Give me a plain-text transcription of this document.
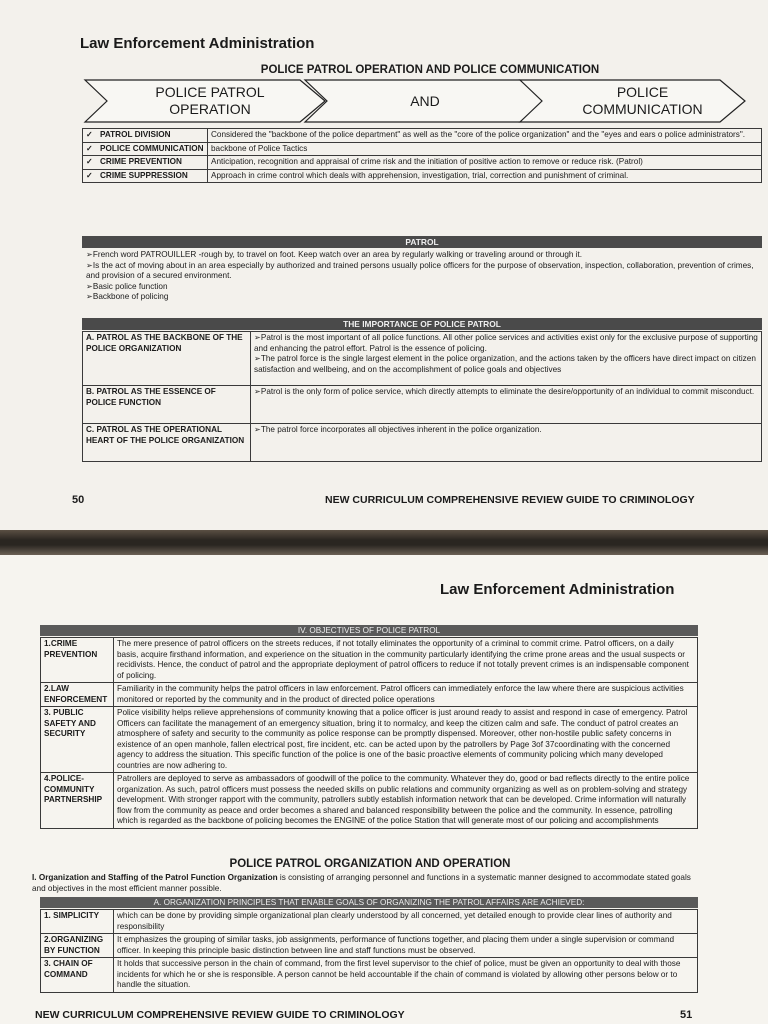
Law Enforcement Administration
POLICE PATROL OPERATION AND POLICE COMMUNICATION
POLICE PATROL OPERATION
AND
POLICE COMMUNICATION
✓ PATROL DIVISION	Considered the "backbone of the police department" as well as the "core of the police organization" and the "eyes and ears o police administrators".
✓ POLICE COMMUNICATION	backbone of Police Tactics
✓ CRIME PREVENTION	Anticipation, recognition and appraisal of crime risk and the initiation of positive action to remove or reduce risk. (Patrol)
✓ CRIME SUPPRESSION	Approach in crime control which deals with apprehension, investigation, trial, correction and punishment of criminal.
PATROL

➢French word PATROUILLER -rough by, to travel on foot. Keep watch over an area by regularly walking or traveling around or through it.

➢Is the act of moving about in an area especially by authorized and trained persons usually police officers for the purpose of observation, inspection, collaboration, prevention of crimes, and provision of a secured environment.

➢Basic police function

➢Backbone of policing

THE IMPORTANCE OF POLICE PATROL
A. PATROL AS THE BACKBONE OF THE POLICE ORGANIZATION	➢Patrol is the most important of all police functions. All other police services and activities exist only for the exclusive purpose of supporting and enhancing the patrol effort. Patrol is the essence of policing.
➢The patrol force is the single largest element in the police organization, and the actions taken by the officers have direct impact on citizen satisfaction and wellbeing, and on the accomplishment of police goals and objectives
B. PATROL AS THE ESSENCE OF POLICE FUNCTION	➢Patrol is the only form of police service, which directly attempts to eliminate the desire/opportunity of an individual to commit misconduct.
C. PATROL AS THE OPERATIONAL HEART OF THE POLICE ORGANIZATION	➢The patrol force incorporates all objectives inherent in the police organization.
50	NEW CURRICULUM COMPREHENSIVE REVIEW GUIDE TO CRIMINOLOGY
Law Enforcement Administration
IV. OBJECTIVES OF POLICE PATROL
1.CRIME PREVENTION	The mere presence of patrol officers on the streets reduces, if not totally eliminates the opportunity of a criminal to commit crime. Patrol officers, on a daily basis, acquire firsthand information, and experience on the situation in the community particularly identifying the crime prone areas and the usual suspects or recidivists. Hence, the conduct of patrol and the appropriate deployment of patrol officers to reduce if not totally prevent crimes is an indispensable component of policing.
2.LAW ENFORCEMENT	Familiarity in the community helps the patrol officers in law enforcement. Patrol officers can immediately enforce the law where there are suspicious activities monitored or reported by the community and in the product of directed police operations
3. PUBLIC SAFETY AND SECURITY	Police visibility helps relieve apprehensions of community knowing that a police officer is just around ready to assist and respond in case of emergency. Patrol Officers can facilitate the management of an emergency situation, bring it to normalcy, and keep the citizen calm and safe. The conduct of patrol creates an atmosphere of safety and security to the community as police response can be promptly dispensed. Moreover, other non-hostile public safety concerns in existence of an open manhole, fallen electrical post, fire incident, etc. can be acted upon by the patrollers by Page 3of 37coordinating with the concerned agency to address the situation. This specific function of the police is one of the basic proactive elements of community policing which many developed countries are now adhering to.
4.POLICE-COMMUNITY PARTNERSHIP	Patrollers are deployed to serve as ambassadors of goodwill of the police to the community. Whatever they do, good or bad reflects directly to the entire police organization. As such, patrol officers must possess the needed skills on public relations and community organizing as well as on problem-solving and strategy development. With stronger rapport with the community, patrollers subtly establish information network that can be developed. Crime information will naturally flow from the community as peace and order becomes a shared and balanced responsibility between the police and the community. In essence, patrolling which is regarded as the backbone of policing becomes the ENGINE of the police Station that will generate most of our policing and accomplishments
POLICE PATROL ORGANIZATION AND OPERATION
I. Organization and Staffing of the Patrol Function Organization is consisting of arranging personnel and functions in a systematic manner designed to accommodate stated goals and objectives in the most efficient manner possible.
A. ORGANIZATION PRINCIPLES THAT ENABLE GOALS OF ORGANIZING THE PATROL AFFAIRS ARE ACHIEVED:
1. SIMPLICITY	which can be done by providing simple organizational plan clearly understood by all concerned, yet detailed enough to provide clear lines of authority and responsibility
2.ORGANIZING BY FUNCTION	It emphasizes the grouping of similar tasks, job assignments, performance of functions together, and placing them under a single supervision or command officer. In keeping this principle basic distinction between line and staff functions must be observed.
3. CHAIN OF COMMAND	It holds that successive person in the chain of command, from the first level supervisor to the chief of police, must be given an opportunity to deal with those incidents for which he or she is responsible. A person cannot be held accountable if the chain of command is violated by allowing other persons below or to handle the situation.
NEW CURRICULUM COMPREHENSIVE REVIEW GUIDE TO CRIMINOLOGY	51
